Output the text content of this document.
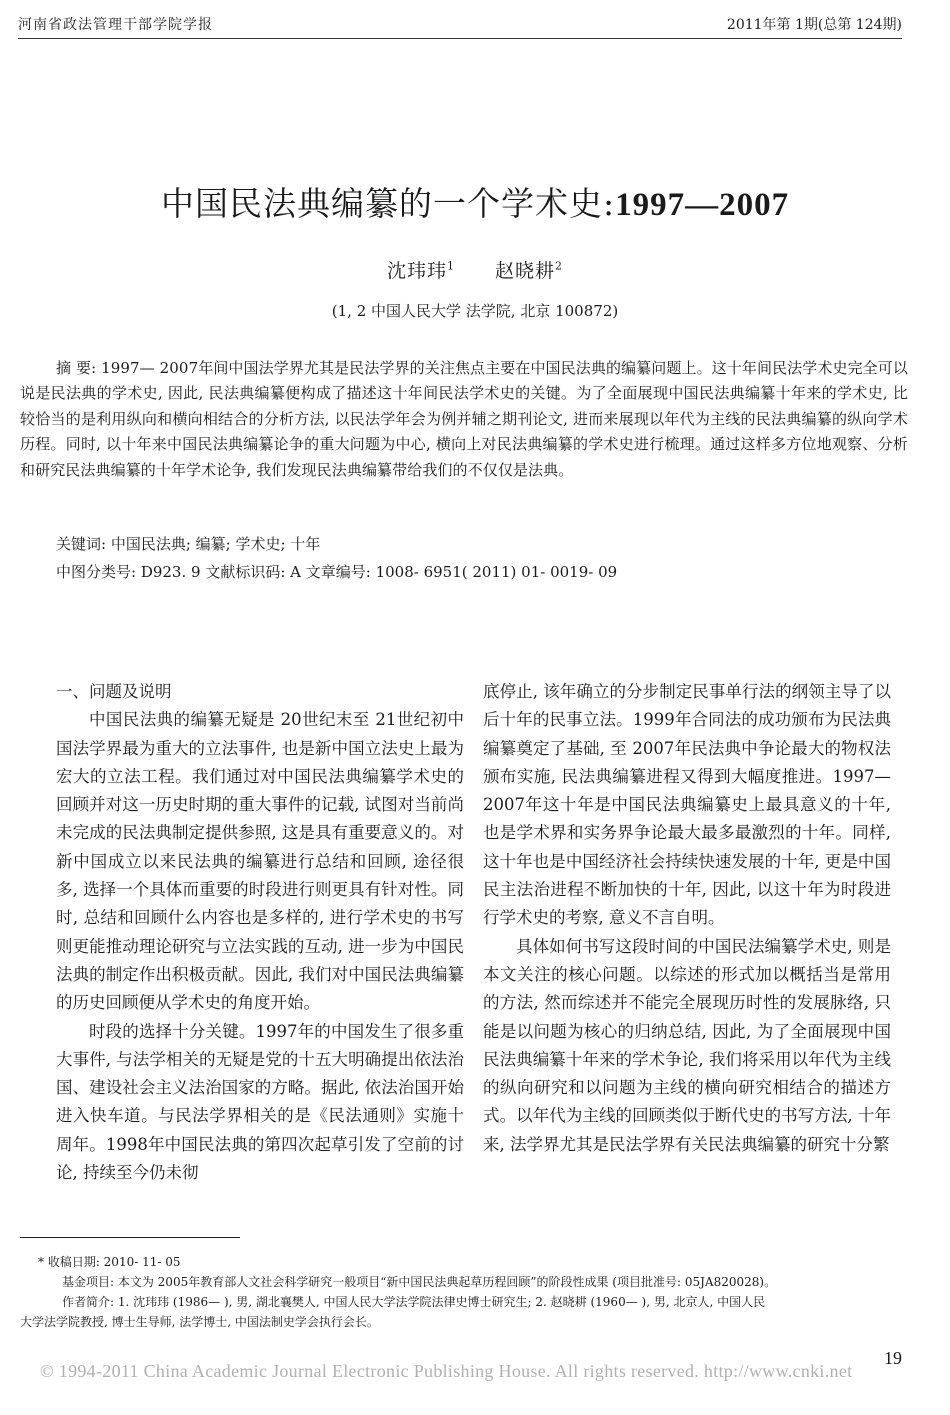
河南省政法管理干部学院学报	2011年第 1期(总第 124期)
中国民法典编纂的一个学术史:1997—2007
沈玮玮$^1$ 赵晓耕$^2$
(1, 2 中国人民大学 法学院, 北京 100872)

摘 要: 1997— 2007年间中国法学界尤其是民法学界的关注焦点主要在中国民法典的编纂问题上。这十年间民法学术史完全可以说是民法典的学术史, 因此, 民法典编纂便构成了描述这十年间民法学术史的关键。为了全面展现中国民法典编纂十年来的学术史, 比较恰当的是利用纵向和横向相结合的分析方法, 以民法学年会为例并辅之期刊论文, 进而来展现以年代为主线的民法典编纂的纵向学术历程。同时, 以十年来中国民法典编纂论争的重大问题为中心, 横向上对民法典编纂的学术史进行梳理。通过这样多方位地观察、分析和研究民法典编纂的十年学术论争, 我们发现民法典编纂带给我们的不仅仅是法典。

关键词: 中国民法典; 编纂; 学术史; 十年
中图分类号: D923. 9 文献标识码: A 文章编号: 1008- 6951( 2011) 01- 0019- 09
一、问题及说明

中国民法典的编纂无疑是 20世纪末至 21世纪初中国法学界最为重大的立法事件, 也是新中国立法史上最为宏大的立法工程。我们通过对中国民法典编纂学术史的回顾并对这一历史时期的重大事件的记载, 试图对当前尚未完成的民法典制定提供参照, 这是具有重要意义的。对新中国成立以来民法典的编纂进行总结和回顾, 途径很多, 选择一个具体而重要的时段进行则更具有针对性。同时, 总结和回顾什么内容也是多样的, 进行学术史的书写则更能推动理论研究与立法实践的互动, 进一步为中国民法典的制定作出积极贡献。因此, 我们对中国民法典编纂的历史回顾便从学术史的角度开始。

时段的选择十分关键。1997年的中国发生了很多重大事件, 与法学相关的无疑是党的十五大明确提出依法治国、建设社会主义法治国家的方略。据此, 依法治国开始进入快车道。与民法学界相关的是《民法通则》实施十周年。1998年中国民法典的第四次起草引发了空前的讨论, 持续至今仍未彻

底停止, 该年确立的分步制定民事单行法的纲领主导了以后十年的民事立法。1999年合同法的成功颁布为民法典编纂奠定了基础, 至 2007年民法典中争论最大的物权法颁布实施, 民法典编纂进程又得到大幅度推进。1997— 2007年这十年是中国民法典编纂史上最具意义的十年, 也是学术界和实务界争论最大最多最激烈的十年。同样, 这十年也是中国经济社会持续快速发展的十年, 更是中国民主法治进程不断加快的十年, 因此, 以这十年为时段进行学术史的考察, 意义不言自明。

具体如何书写这段时间的中国民法编纂学术史, 则是本文关注的核心问题。以综述的形式加以概括当是常用的方法, 然而综述并不能完全展现历时性的发展脉络, 只能是以问题为核心的归纳总结, 因此, 为了全面展现中国民法典编纂十年来的学术争论, 我们将采用以年代为主线的纵向研究和以问题为主线的横向研究相结合的描述方式。以年代为主线的回顾类似于断代史的书写方法, 十年来, 法学界尤其是民法学界有关民法典编纂的研究十分繁

* 收稿日期: 2010- 11- 05

基金项目: 本文为 2005年教育部人文社会科学研究一般项目“新中国民法典起草历程回顾”的阶段性成果 (项目批准号: 05JA820028)。

作者简介: 1. 沈玮玮 (1986— ), 男, 湖北襄樊人, 中国人民大学法学院法律史博士研究生; 2. 赵晓耕 (1960— ), 男, 北京人, 中国人民

大学法学院教授, 博士生导师, 法学博士, 中国法制史学会执行会长。

19
© 1994-2011 China Academic Journal Electronic Publishing House. All rights reserved. http://www.cnki.net
